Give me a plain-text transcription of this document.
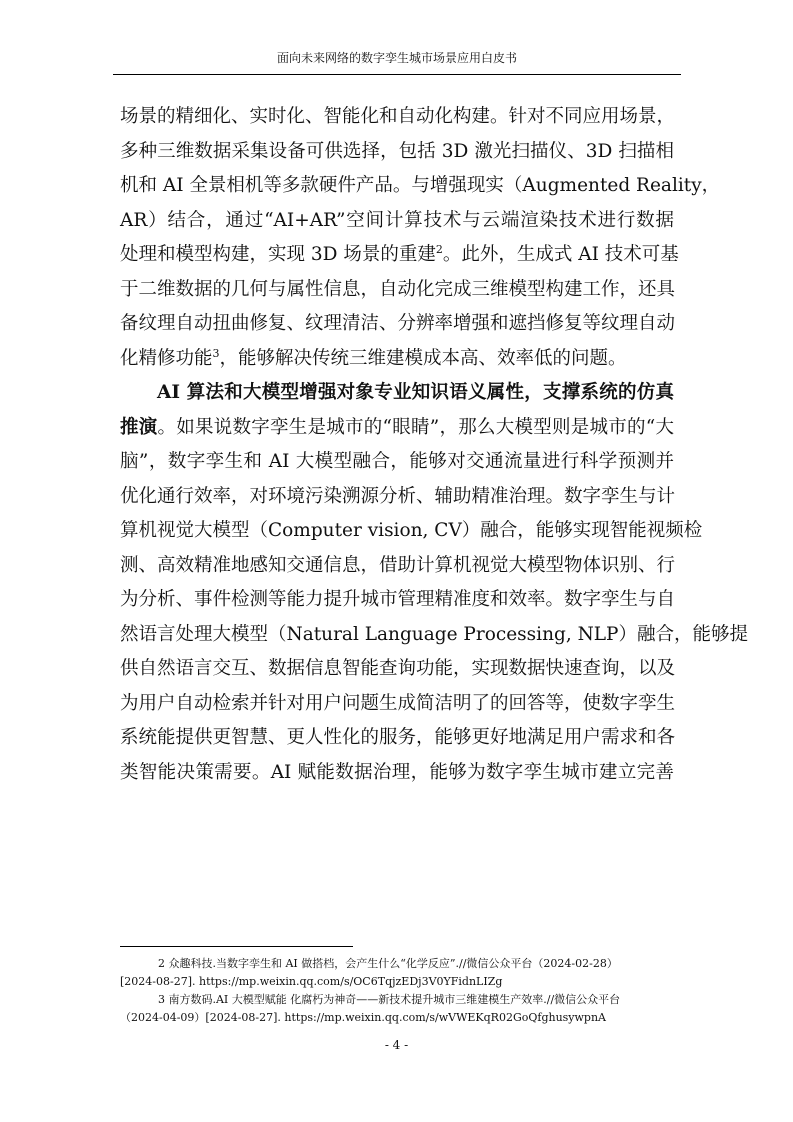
面向未来网络的数字孪生城市场景应用白皮书
场景的精细化、实时化、智能化和自动化构建。针对不同应用场景，
多种三维数据采集设备可供选择，包括 3D 激光扫描仪、3D 扫描相
机和 AI 全景相机等多款硬件产品。与增强现实（Augmented Reality，
AR）结合，通过“AI+AR”空间计算技术与云端渲染技术进行数据
处理和模型构建，实现 3D 场景的重建$^2$。此外，生成式 AI 技术可基
于二维数据的几何与属性信息，自动化完成三维模型构建工作，还具
备纹理自动扭曲修复、纹理清洁、分辨率增强和遮挡修复等纹理自动
化精修功能$^3$，能够解决传统三维建模成本高、效率低的问题。
AI 算法和大模型增强对象专业知识语义属性，支撑系统的仿真
推演。如果说数字孪生是城市的“眼睛”，那么大模型则是城市的“大
脑”，数字孪生和 AI 大模型融合，能够对交通流量进行科学预测并
优化通行效率，对环境污染溯源分析、辅助精准治理。数字孪生与计
算机视觉大模型（Computer vision, CV）融合，能够实现智能视频检
测、高效精准地感知交通信息，借助计算机视觉大模型物体识别、行
为分析、事件检测等能力提升城市管理精准度和效率。数字孪生与自
然语言处理大模型（Natural Language Processing, NLP）融合，能够提
供自然语言交互、数据信息智能查询功能，实现数据快速查询，以及
为用户自动检索并针对用户问题生成简洁明了的回答等，使数字孪生
系统能提供更智慧、更人性化的服务，能够更好地满足用户需求和各
类智能决策需要。AI 赋能数据治理，能够为数字孪生城市建立完善
2 众趣科技.当数字孪生和 AI 做搭档，会产生什么“化学反应”.//微信公众平台（2024-02-28）
[2024-08-27]. https://mp.weixin.qq.com/s/OC6TqjzEDj3V0YFidnLIZg
3 南方数码.AI 大模型赋能 化腐朽为神奇——新技术提升城市三维建模生产效率.//微信公众平台
（2024-04-09）[2024-08-27]. https://mp.weixin.qq.com/s/wVWEKqR02GoQfghusywpnA
- 4 -
